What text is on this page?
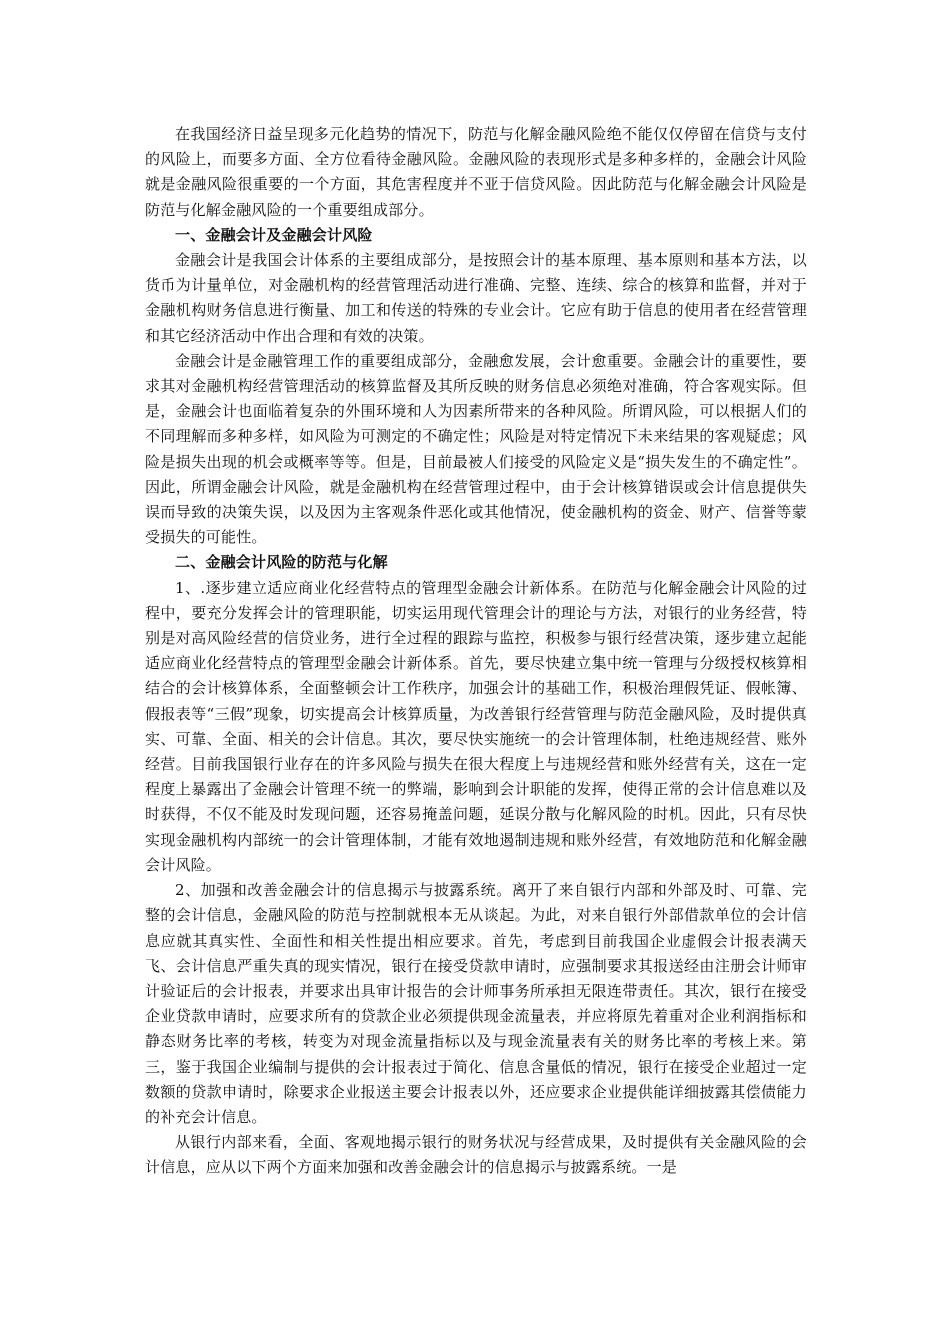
在我国经济日益呈现多元化趋势的情况下，防范与化解金融风险绝不能仅仅停留在信贷与支付的风险上，而要多方面、全方位看待金融风险。金融风险的表现形式是多种多样的，金融会计风险就是金融风险很重要的一个方面，其危害程度并不亚于信贷风险。因此防范与化解金融会计风险是防范与化解金融风险的一个重要组成部分。

一、金融会计及金融会计风险

金融会计是我国会计体系的主要组成部分，是按照会计的基本原理、基本原则和基本方法，以货币为计量单位，对金融机构的经营管理活动进行准确、完整、连续、综合的核算和监督，并对于金融机构财务信息进行衡量、加工和传送的特殊的专业会计。它应有助于信息的使用者在经营管理和其它经济活动中作出合理和有效的决策。

金融会计是金融管理工作的重要组成部分，金融愈发展，会计愈重要。金融会计的重要性，要求其对金融机构经营管理活动的核算监督及其所反映的财务信息必须绝对准确，符合客观实际。但是，金融会计也面临着复杂的外围环境和人为因素所带来的各种风险。所谓风险，可以根据人们的不同理解而多种多样，如风险为可测定的不确定性；风险是对特定情况下未来结果的客观疑虑；风险是损失出现的机会或概率等等。但是，目前最被人们接受的风险定义是“损失发生的不确定性”。因此，所谓金融会计风险，就是金融机构在经营管理过程中，由于会计核算错误或会计信息提供失误而导致的决策失误，以及因为主客观条件恶化或其他情况，使金融机构的资金、财产、信誉等蒙受损失的可能性。

二、金融会计风险的防范与化解

1、.逐步建立适应商业化经营特点的管理型金融会计新体系。在防范与化解金融会计风险的过程中，要充分发挥会计的管理职能，切实运用现代管理会计的理论与方法，对银行的业务经营，特别是对高风险经营的信贷业务，进行全过程的跟踪与监控，积极参与银行经营决策，逐步建立起能适应商业化经营特点的管理型金融会计新体系。首先，要尽快建立集中统一管理与分级授权核算相结合的会计核算体系，全面整顿会计工作秩序，加强会计的基础工作，积极治理假凭证、假帐簿、假报表等“三假”现象，切实提高会计核算质量，为改善银行经营管理与防范金融风险，及时提供真实、可靠、全面、相关的会计信息。其次，要尽快实施统一的会计管理体制，杜绝违规经营、账外经营。目前我国银行业存在的许多风险与损失在很大程度上与违规经营和账外经营有关，这在一定程度上暴露出了金融会计管理不统一的弊端，影响到会计职能的发挥，使得正常的会计信息难以及时获得，不仅不能及时发现问题，还容易掩盖问题，延误分散与化解风险的时机。因此，只有尽快实现金融机构内部统一的会计管理体制，才能有效地遏制违规和账外经营，有效地防范和化解金融会计风险。

2、加强和改善金融会计的信息揭示与披露系统。离开了来自银行内部和外部及时、可靠、完整的会计信息，金融风险的防范与控制就根本无从谈起。为此，对来自银行外部借款单位的会计信息应就其真实性、全面性和相关性提出相应要求。首先，考虑到目前我国企业虚假会计报表满天飞、会计信息严重失真的现实情况，银行在接受贷款申请时，应强制要求其报送经由注册会计师审计验证后的会计报表，并要求出具审计报告的会计师事务所承担无限连带责任。其次，银行在接受企业贷款申请时，应要求所有的贷款企业必须提供现金流量表，并应将原先着重对企业利润指标和静态财务比率的考核，转变为对现金流量指标以及与现金流量表有关的财务比率的考核上来。第三，鉴于我国企业编制与提供的会计报表过于简化、信息含量低的情况，银行在接受企业超过一定数额的贷款申请时，除要求企业报送主要会计报表以外，还应要求企业提供能详细披露其偿债能力的补充会计信息。

从银行内部来看，全面、客观地揭示银行的财务状况与经营成果，及时提供有关金融风险的会计信息，应从以下两个方面来加强和改善金融会计的信息揭示与披露系统。一是
